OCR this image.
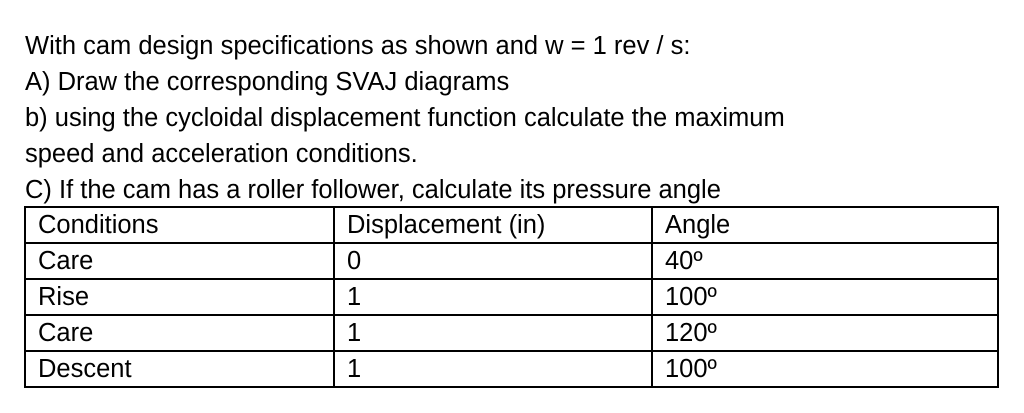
With cam design specifications as shown and w = 1 rev / s:
A) Draw the corresponding SVAJ diagrams
b) using the cycloidal displacement function calculate the maximum
speed and acceleration conditions.
C) If the cam has a roller follower, calculate its pressure angle
Conditions	Displacement (in)	Angle
Care	0	40º
Rise	1	100º
Care	1	120º
Descent	1	100º
